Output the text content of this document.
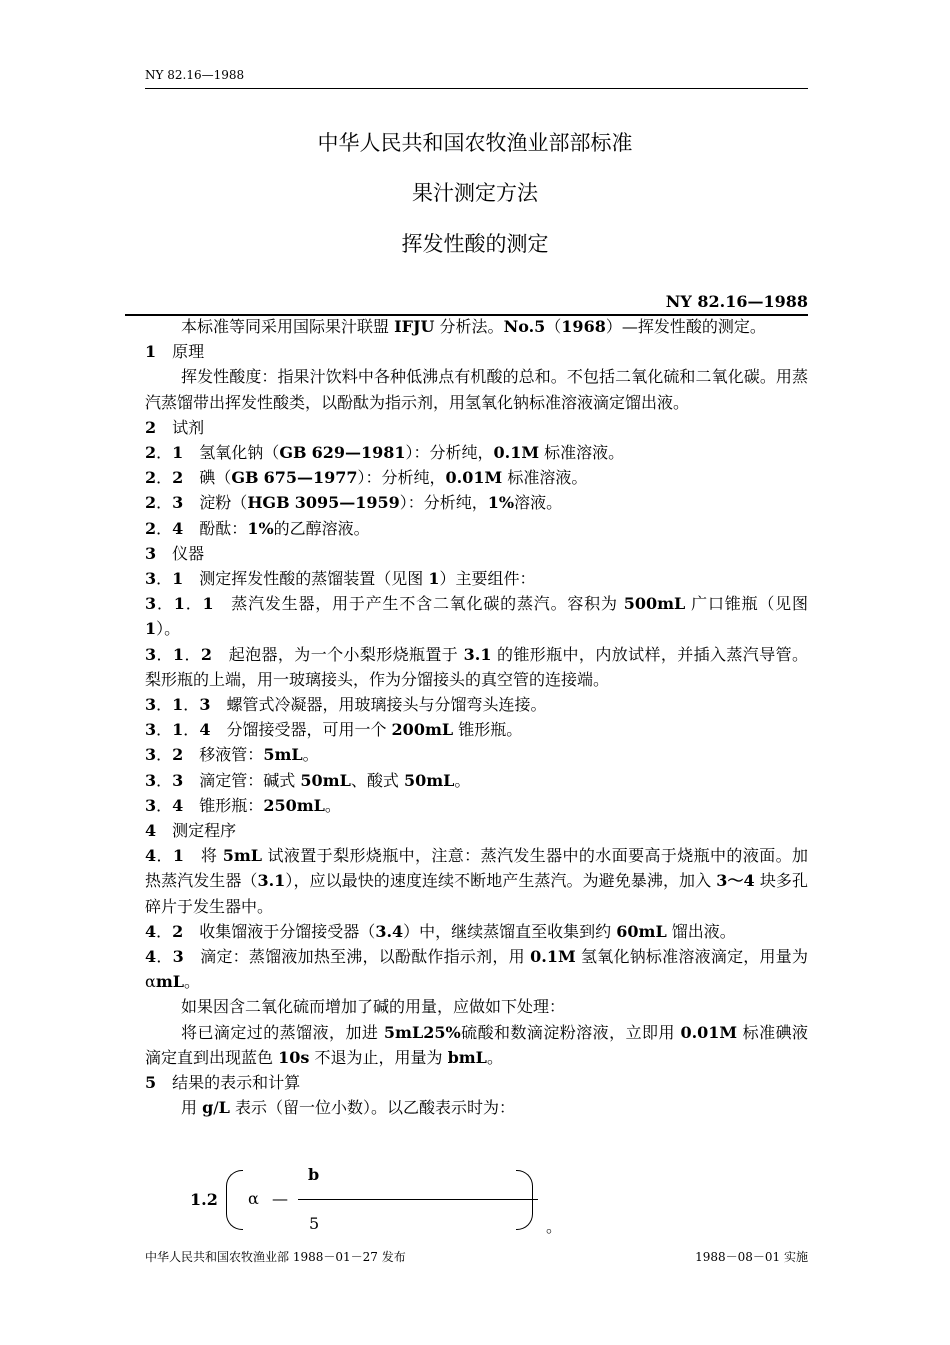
NY 82.16—1988
中华人民共和国农牧渔业部部标准
果汁测定方法
挥发性酸的测定
NY 82.16—1988

本标准等同采用国际果汁联盟 IFJU 分析法。No.5（1968）—挥发性酸的测定。

1　原理

挥发性酸度：指果汁饮料中各种低沸点有机酸的总和。不包括二氧化硫和二氧化碳。用蒸汽蒸馏带出挥发性酸类，以酚酞为指示剂，用氢氧化钠标准溶液滴定馏出液。

2　试剂

2．1　氢氧化钠（GB 629—1981）：分析纯，0.1M 标准溶液。

2．2　碘（GB 675—1977）：分析纯，0.01M 标准溶液。

2．3　淀粉（HGB 3095—1959）：分析纯，1%溶液。

2．4　酚酞：1%的乙醇溶液。

3　仪器

3．1　测定挥发性酸的蒸馏装置（见图 1）主要组件：

3．1．1　蒸汽发生器，用于产生不含二氧化碳的蒸汽。容积为 500mL 广口锥瓶（见图 1）。

3．1．2　起泡器，为一个小梨形烧瓶置于 3.1 的锥形瓶中，内放试样，并插入蒸汽导管。梨形瓶的上端，用一玻璃接头，作为分馏接头的真空管的连接端。

3．1．3　螺管式冷凝器，用玻璃接头与分馏弯头连接。

3．1．4　分馏接受器，可用一个 200mL 锥形瓶。

3．2　移液管：5mL。

3．3　滴定管：碱式 50mL、酸式 50mL。

3．4　锥形瓶：250mL。

4　测定程序

4．1　将 5mL 试液置于梨形烧瓶中，注意：蒸汽发生器中的水面要高于烧瓶中的液面。加热蒸汽发生器（3.1），应以最快的速度连续不断地产生蒸汽。为避免暴沸，加入 3～4 块多孔碎片于发生器中。

4．2　收集馏液于分馏接受器（3.4）中，继续蒸馏直至收集到约 60mL 馏出液。

4．3　滴定：蒸馏液加热至沸，以酚酞作指示剂，用 0.1M 氢氧化钠标准溶液滴定，用量为αmL。

如果因含二氧化硫而增加了碱的用量，应做如下处理：

将已滴定过的蒸馏液，加进 5mL25%硫酸和数滴淀粉溶液，立即用 0.01M 标准碘液滴定直到出现蓝色 10s 不退为止，用量为 bmL。

5　结果的表示和计算

用 g/L 表示（留一位小数）。以乙酸表示时为：

1.2 α —
b
5	。
中华人民共和国农牧渔业部 1988－01－27 发布	1988－08－01 实施
